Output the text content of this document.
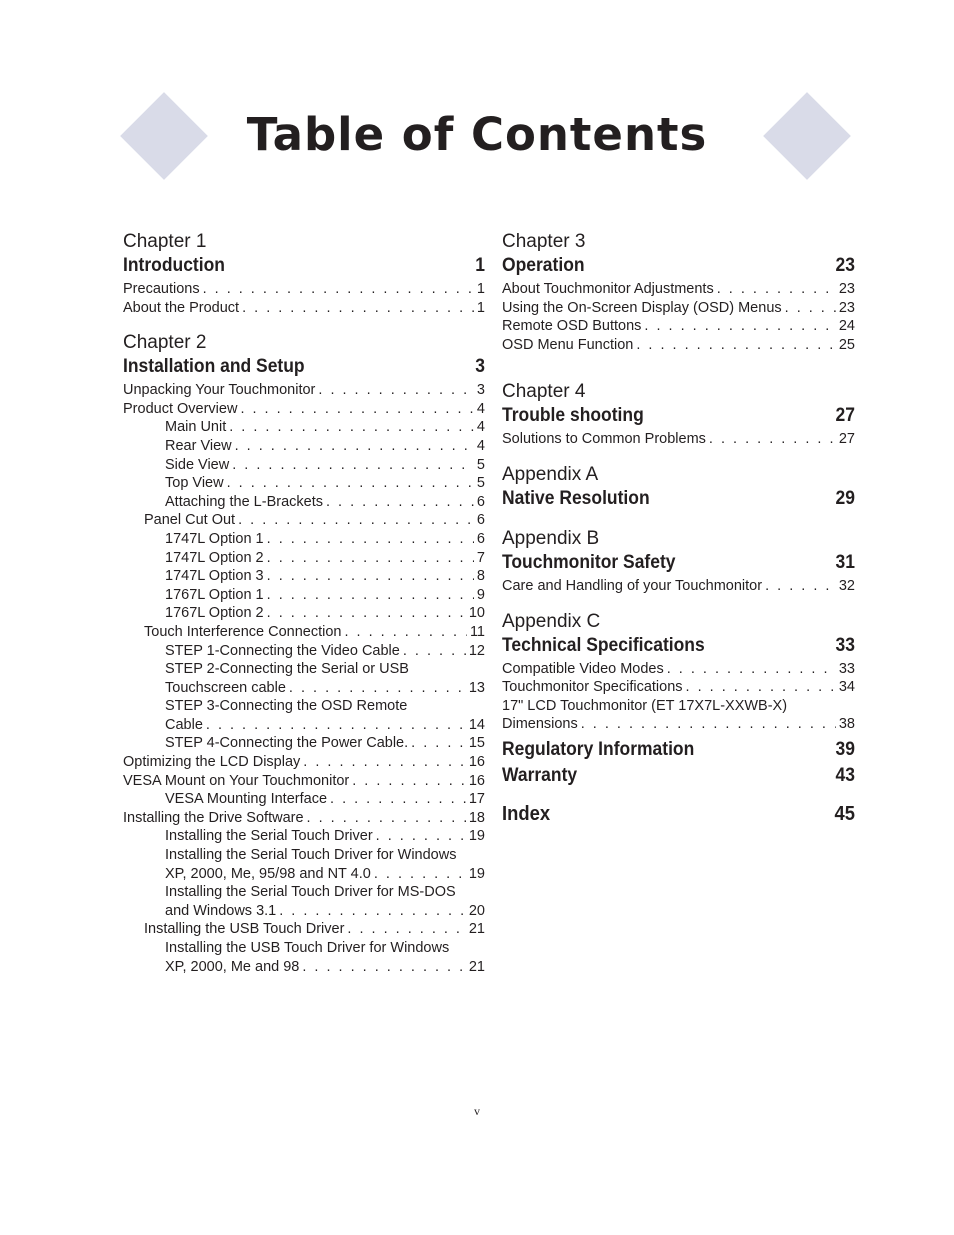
Table of Contents

Chapter 1

Introduction	1
Precautions . . .	1
About the Product . . .	1

Chapter 2

Installation and Setup	3
Unpacking Your Touchmonitor . . .	3
Product Overview . . .	4
Main Unit . . .	4
Rear View . . .	4
Side View . . .	5
Top View . . .	5
Attaching the L-Brackets . . .	6
Panel Cut Out . . .	6
1747L Option 1 . . .	6
1747L Option 2 . . .	7
1747L Option 3 . . .	8
1767L Option 1 . . .	9
1767L Option 2 . . .	10
Touch Interference Connection . . .	11
STEP 1-Connecting the Video Cable . . .	12
STEP 2-Connecting the Serial or USB
Touchscreen cable . . .	13
STEP 3-Connecting the OSD Remote
Cable . . .	14
STEP 4-Connecting the Power Cable. . . .	15
Optimizing the LCD Display . . .	16
VESA Mount on Your Touchmonitor . . .	16
VESA Mounting Interface . . .	17
Installing the Drive Software . . .	18
Installing the Serial Touch Driver . . .	19
Installing the Serial Touch Driver for Windows
XP, 2000, Me, 95/98 and NT 4.0 . . .	19
Installing the Serial Touch Driver for MS-DOS
and Windows 3.1 . . .	20
Installing the USB Touch Driver . . .	21
Installing the USB Touch Driver for Windows
XP, 2000, Me and 98 . . .	21

Chapter 3

Operation	23
About Touchmonitor Adjustments . . .	23
Using the On-Screen Display (OSD) Menus . . .	23
Remote OSD Buttons . . .	24
OSD Menu Function . . .	25

Chapter 4

Trouble shooting	27
Solutions to Common Problems . . .	27

Appendix A

Native Resolution	29

Appendix B

Touchmonitor Safety	31
Care and Handling of your Touchmonitor . . .	32

Appendix C

Technical Specifications	33
Compatible Video Modes . . .	33
Touchmonitor Specifications . . .	34
17" LCD Touchmonitor (ET 17X7L-XXWB-X)
Dimensions . . .	38
Regulatory Information	39
Warranty	43
Index	45
v
